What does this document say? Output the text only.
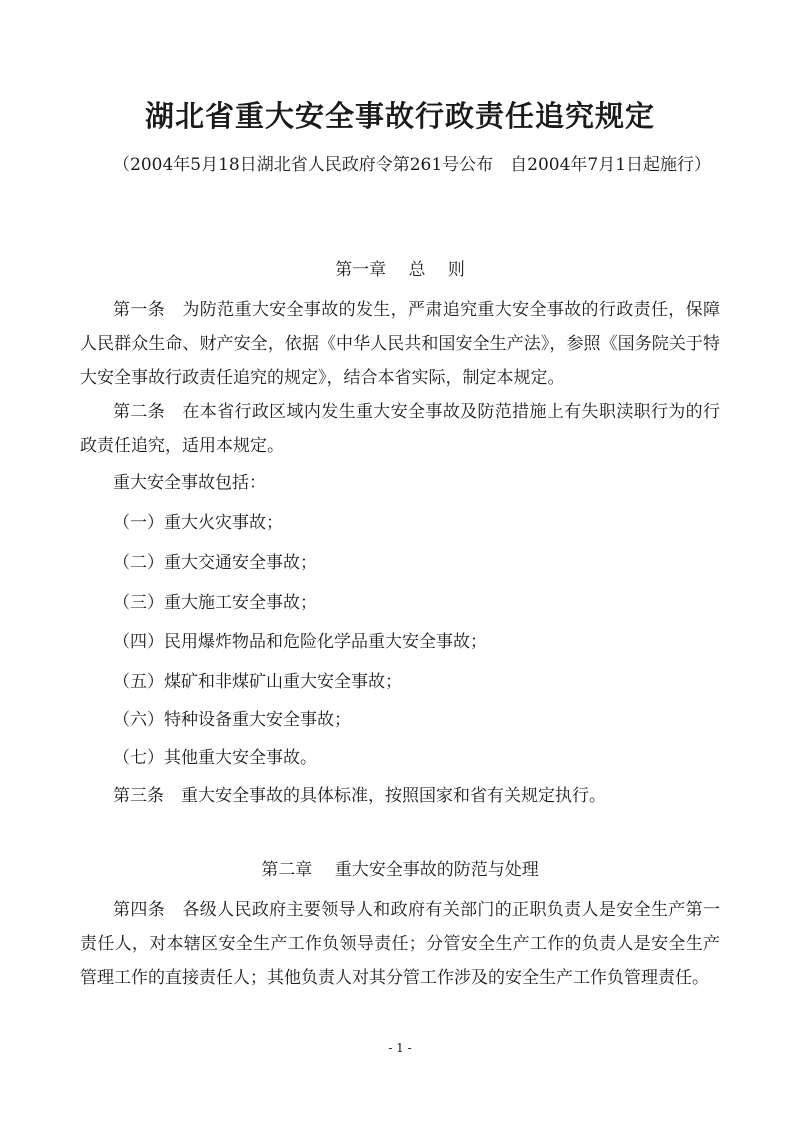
湖北省重大安全事故行政责任追究规定

（2004年5月18日湖北省人民政府令第261号公布　自2004年7月1日起施行）

第一章　 总　 则

第一条　为防范重大安全事故的发生，严肃追究重大安全事故的行政责任，保障人民群众生命、财产安全，依据《中华人民共和国安全生产法》，参照《国务院关于特大安全事故行政责任追究的规定》，结合本省实际，制定本规定。

第二条　在本省行政区域内发生重大安全事故及防范措施上有失职渎职行为的行政责任追究，适用本规定。

重大安全事故包括：

（一）重大火灾事故；

（二）重大交通安全事故；

（三）重大施工安全事故；

（四）民用爆炸物品和危险化学品重大安全事故；

（五）煤矿和非煤矿山重大安全事故；

（六）特种设备重大安全事故；

（七）其他重大安全事故。

第三条　重大安全事故的具体标准，按照国家和省有关规定执行。

第二章　 重大安全事故的防范与处理

第四条　各级人民政府主要领导人和政府有关部门的正职负责人是安全生产第一责任人，对本辖区安全生产工作负领导责任；分管安全生产工作的负责人是安全生产管理工作的直接责任人；其他负责人对其分管工作涉及的安全生产工作负管理责任。

- 1 -
